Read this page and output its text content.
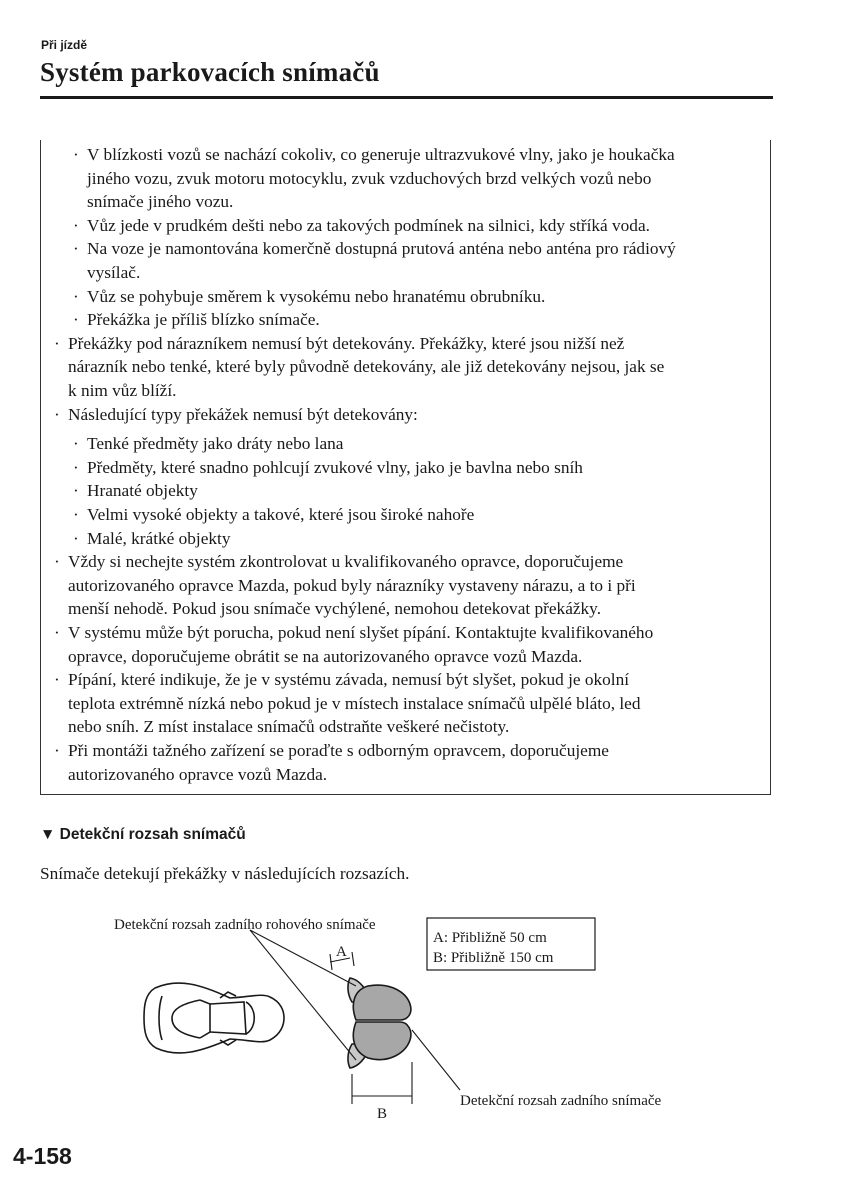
Při jízdě
Systém parkovacích snímačů
· V blízkosti vozů se nachází cokoliv, co generuje ultrazvukové vlny, jako je houkačka
jiného vozu, zvuk motoru motocyklu, zvuk vzduchových brzd velkých vozů nebo
snímače jiného vozu.
· Vůz jede v prudkém dešti nebo za takových podmínek na silnici, kdy stříká voda.
· Na voze je namontována komerčně dostupná prutová anténa nebo anténa pro rádiový
vysílač.
· Vůz se pohybuje směrem k vysokému nebo hranatému obrubníku.
· Překážka je příliš blízko snímače.
· Překážky pod nárazníkem nemusí být detekovány. Překážky, které jsou nižší než
nárazník nebo tenké, které byly původně detekovány, ale již detekovány nejsou, jak se
k nim vůz blíží.
· Následující typy překážek nemusí být detekovány:
· Tenké předměty jako dráty nebo lana
· Předměty, které snadno pohlcují zvukové vlny, jako je bavlna nebo sníh
· Hranaté objekty
· Velmi vysoké objekty a takové, které jsou široké nahoře
· Malé, krátké objekty
· Vždy si nechejte systém zkontrolovat u kvalifikovaného opravce, doporučujeme
autorizovaného opravce Mazda, pokud byly nárazníky vystaveny nárazu, a to i při
menší nehodě. Pokud jsou snímače vychýlené, nemohou detekovat překážky.
· V systému může být porucha, pokud není slyšet pípání. Kontaktujte kvalifikovaného
opravce, doporučujeme obrátit se na autorizovaného opravce vozů Mazda.
· Pípání, které indikuje, že je v systému závada, nemusí být slyšet, pokud je okolní
teplota extrémně nízká nebo pokud je v místech instalace snímačů ulpělé bláto, led
nebo sníh. Z míst instalace snímačů odstraňte veškeré nečistoty.
· Při montáži tažného zařízení se poraďte s odborným opravcem, doporučujeme
autorizovaného opravce vozů Mazda.
▼ Detekční rozsah snímačů
Snímače detekují překážky v následujících rozsazích.
A
B
Detekční rozsah zadního rohového snímače
Detekční rozsah zadního snímače
A: Přibližně 50 cm
B: Přibližně 150 cm
4-158
